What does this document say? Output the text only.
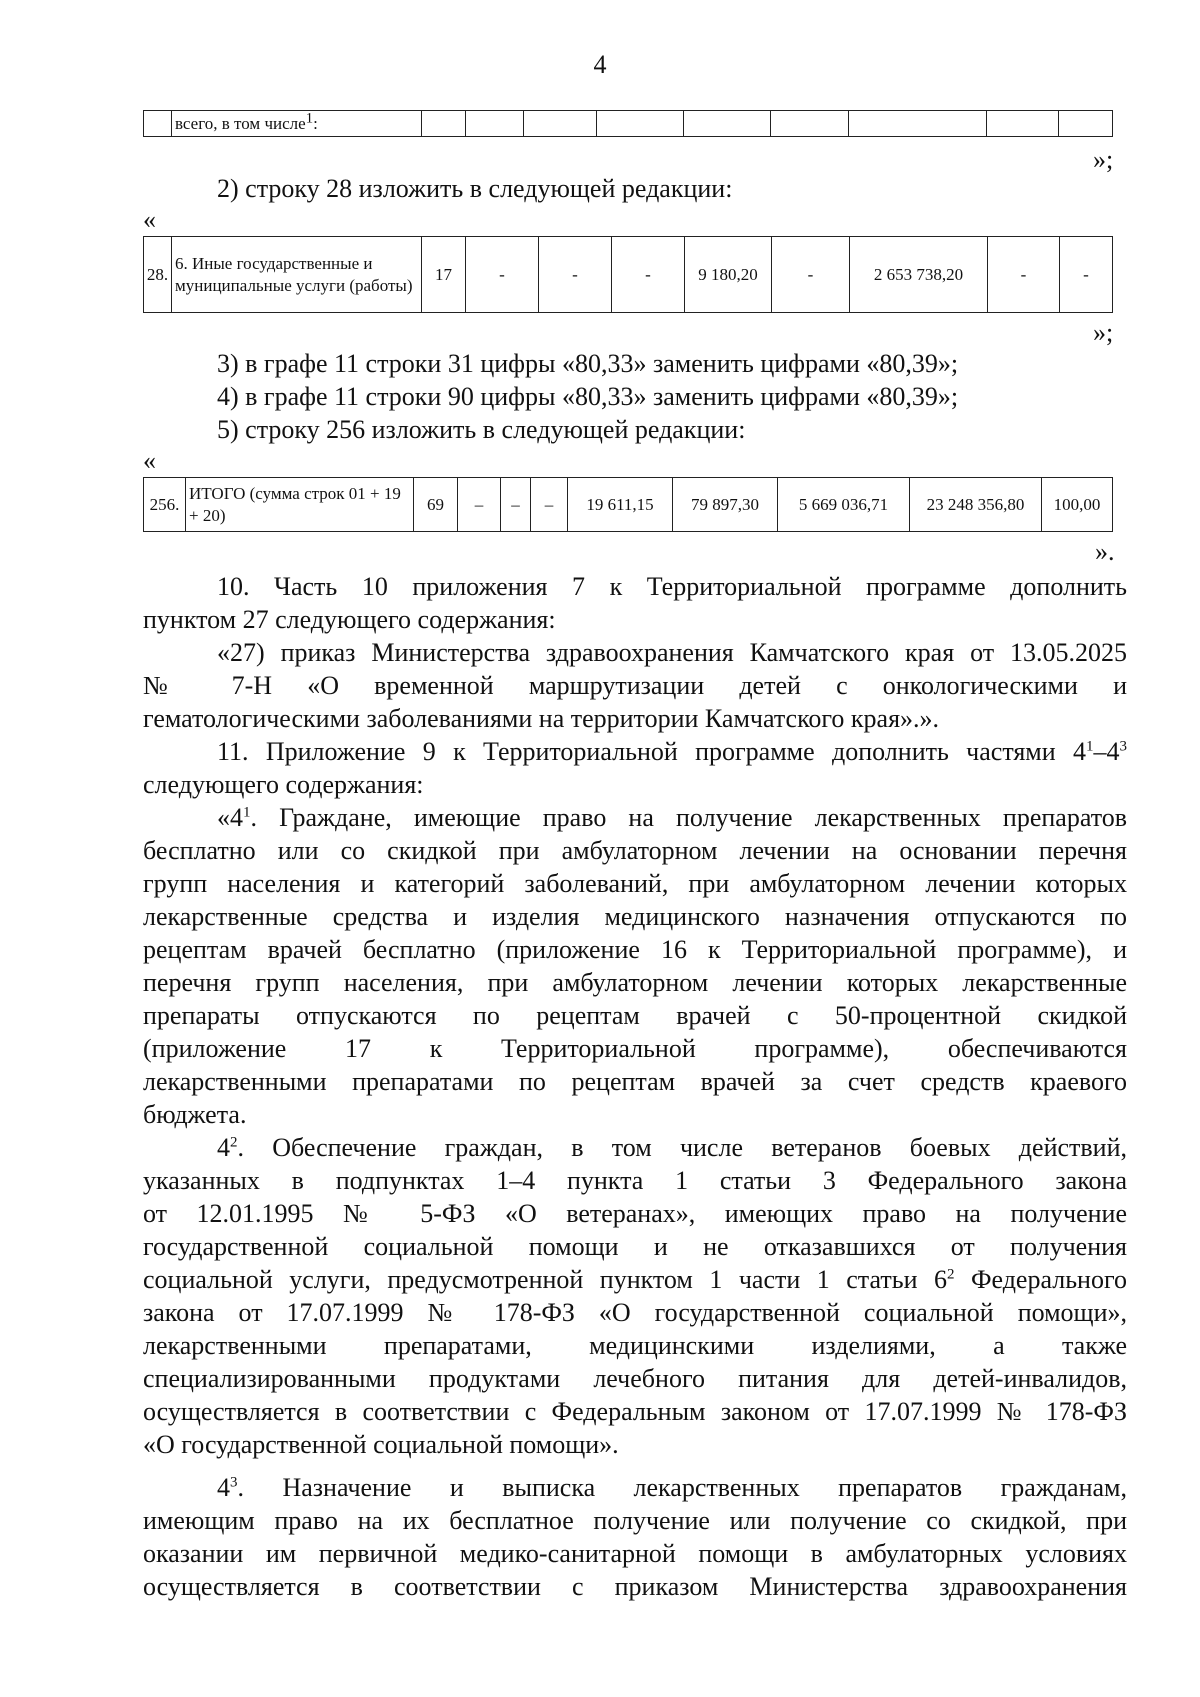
4
	всего, в том числе$^1$:									
»;
2) строку 28 изложить в следующей редакции:
«
28.	6. Иные государственные и муниципальные услуги (работы)	17	-	-	-	9 180,20	-	2 653 738,20	-	-
»;
3) в графе 11 строки 31 цифры «80,33» заменить цифрами «80,39»;
4) в графе 11 строки 90 цифры «80,33» заменить цифрами «80,39»;
5) строку 256 изложить в следующей редакции:
«
256.	ИТОГО (сумма строк 01 + 19 + 20)	69	–	–	–	19 611,15	79 897,30	5 669 036,71	23 248 356,80	100,00
».
10. Часть 10 приложения 7 к Территориальной программе дополнить
пунктом 27 следующего содержания:
«27) приказ Министерства здравоохранения Камчатского края от 13.05.2025
№ 7-Н «О временной маршрутизации детей с онкологическими и
гематологическими заболеваниями на территории Камчатского края».».
11. Приложение 9 к Территориальной программе дополнить частями $4^1-4^3$
следующего содержания:
«$4^1$. Граждане, имеющие право на получение лекарственных препаратов
бесплатно или со скидкой при амбулаторном лечении на основании перечня
групп населения и категорий заболеваний, при амбулаторном лечении которых
лекарственные средства и изделия медицинского назначения отпускаются по
рецептам врачей бесплатно (приложение 16 к Территориальной программе), и
перечня групп населения, при амбулаторном лечении которых лекарственные
препараты отпускаются по рецептам врачей с 50-процентной скидкой
(приложение 17 к Территориальной программе), обеспечиваются
лекарственными препаратами по рецептам врачей за счет средств краевого
бюджета.
$4^2$. Обеспечение граждан, в том числе ветеранов боевых действий,
указанных в подпунктах 1–4 пункта 1 статьи 3 Федерального закона
от 12.01.1995 № 5-ФЗ «О ветеранах», имеющих право на получение
государственной социальной помощи и не отказавшихся от получения
социальной услуги, предусмотренной пунктом 1 части 1 статьи $6^2$ Федерального
закона от 17.07.1999 № 178-ФЗ «О государственной социальной помощи»,
лекарственными препаратами, медицинскими изделиями, а также
специализированными продуктами лечебного питания для детей-инвалидов,
осуществляется в соответствии с Федеральным законом от 17.07.1999 № 178-ФЗ
«О государственной социальной помощи».
$4^3$. Назначение и выписка лекарственных препаратов гражданам,
имеющим право на их бесплатное получение или получение со скидкой, при
оказании им первичной медико-санитарной помощи в амбулаторных условиях
осуществляется в соответствии с приказом Министерства здравоохранения
